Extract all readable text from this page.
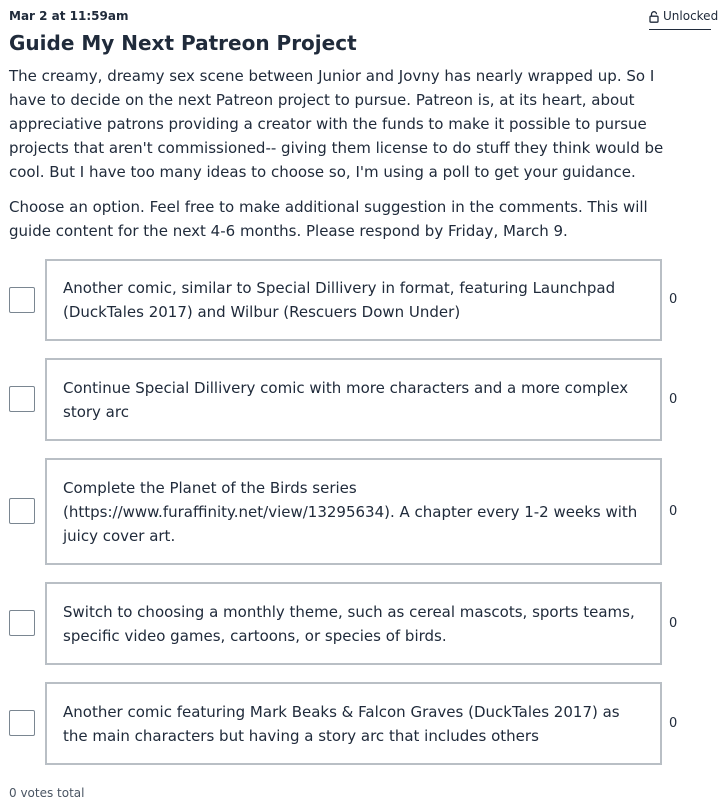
Mar 2 at 11:59am	Unlocked
Guide My Next Patreon Project

The creamy, dreamy sex scene between Junior and Jovny has nearly wrapped up. So I have to decide on the next Patreon project to pursue. Patreon is, at its heart, about appreciative patrons providing a creator with the funds to make it possible to pursue projects that aren't commissioned-- giving them license to do stuff they think would be cool. But I have too many ideas to choose so, I'm using a poll to get your guidance.

Choose an option. Feel free to make additional suggestion in the comments. This will guide content for the next 4-6 months. Please respond by Friday, March 9.

Another comic, similar to Special Dillivery in format, featuring Launchpad (DuckTales 2017) and Wilbur (Rescuers Down Under)
0
Continue Special Dillivery comic with more characters and a more complex story arc
0
Complete the Planet of the Birds series (https://www.furaffinity.net/view/13295634). A chapter every 1-2 weeks with juicy cover art.
0
Switch to choosing a monthly theme, such as cereal mascots, sports teams, specific video games, cartoons, or species of birds.
0
Another comic featuring Mark Beaks & Falcon Graves (DuckTales 2017) as the main characters but having a story arc that includes others
0
0 votes total
